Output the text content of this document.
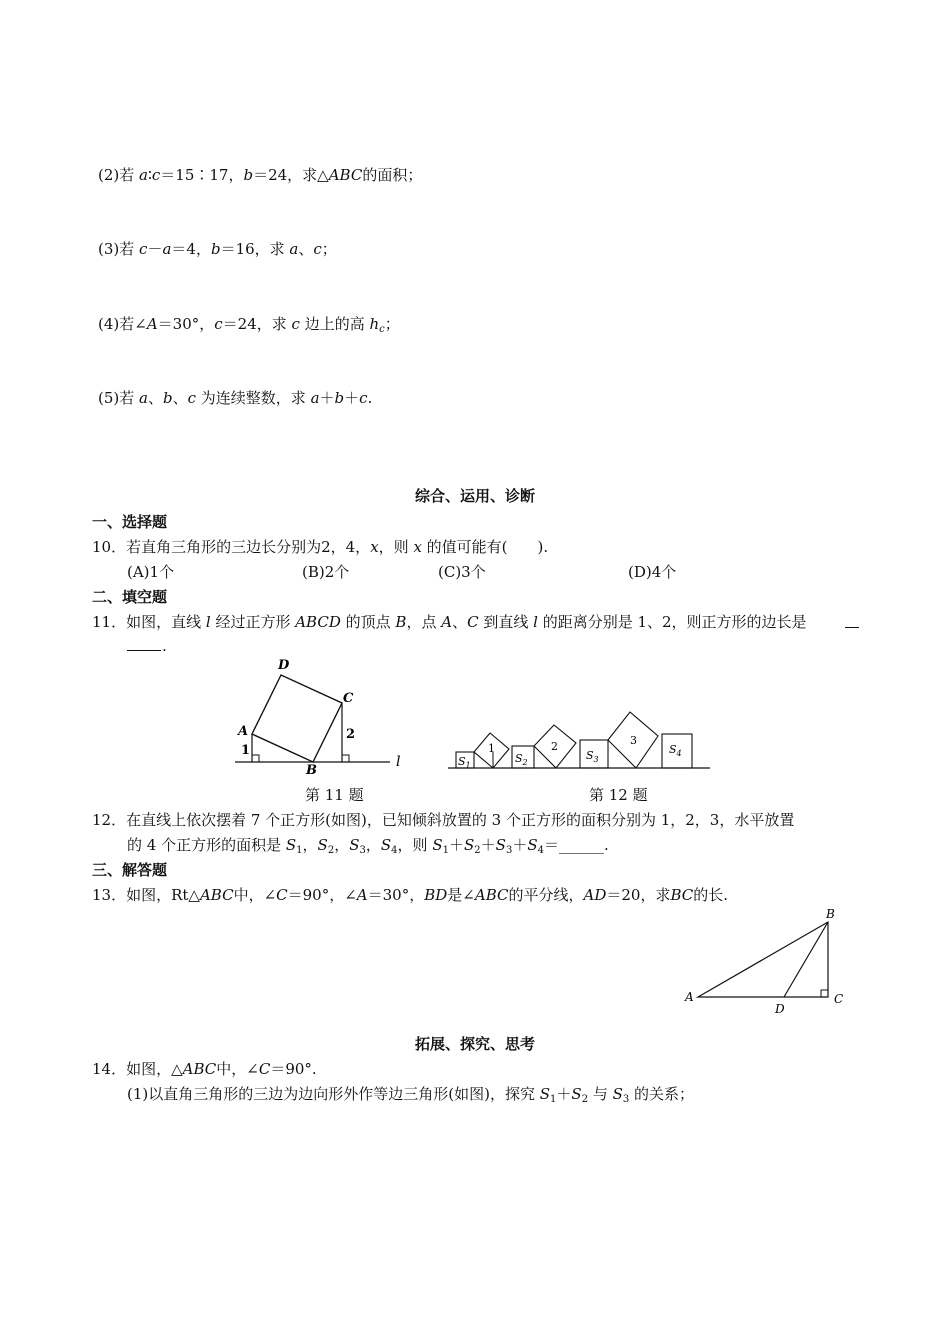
(2)若 a∶c＝15∶17，b＝24，求△ABC的面积；
(3)若 c－a＝4，b＝16，求 a、c；
(4)若∠A＝30°，c＝24，求 c 边上的高 $h_c$；
(5)若 a、b、c 为连续整数，求 a＋b＋c.
综合、运用、诊断
一、选择题
10．若直角三角形的三边长分别为2，4，x，则 x 的值可能有(　　).
(A)1个	(B)2个	(C)3个	(D)4个
二、填空题
11．如图，直线 l 经过正方形 ABCD 的顶点 B，点 A、C 到直线 l 的距离分别是 1、2，则正方形的边长是
.
D
C
A
B
l
1
2
第 11 题
1	2	3
$S_1$
$S_2$
$S_3$
$S_4$
第 12 题
12．在直线上依次摆着 7 个正方形(如图)，已知倾斜放置的 3 个正方形的面积分别为 1，2，3，水平放置
的 4 个正方形的面积是 $S_1$，$S_2$，$S_3$，$S_4$，则 $S_1+S_2+S_3+S_4=\_\_\_\_\_\_$.
三、解答题
13．如图，Rt△ABC中，∠C＝90°，∠A＝30°，BD是∠ABC的平分线，AD＝20，求BC的长.
B
A	C
D
拓展、探究、思考
14．如图，△ABC中，∠C＝90°.
(1)以直角三角形的三边为边向形外作等边三角形(如图)，探究 $S_1+S_2$ 与 $S_3$ 的关系；
